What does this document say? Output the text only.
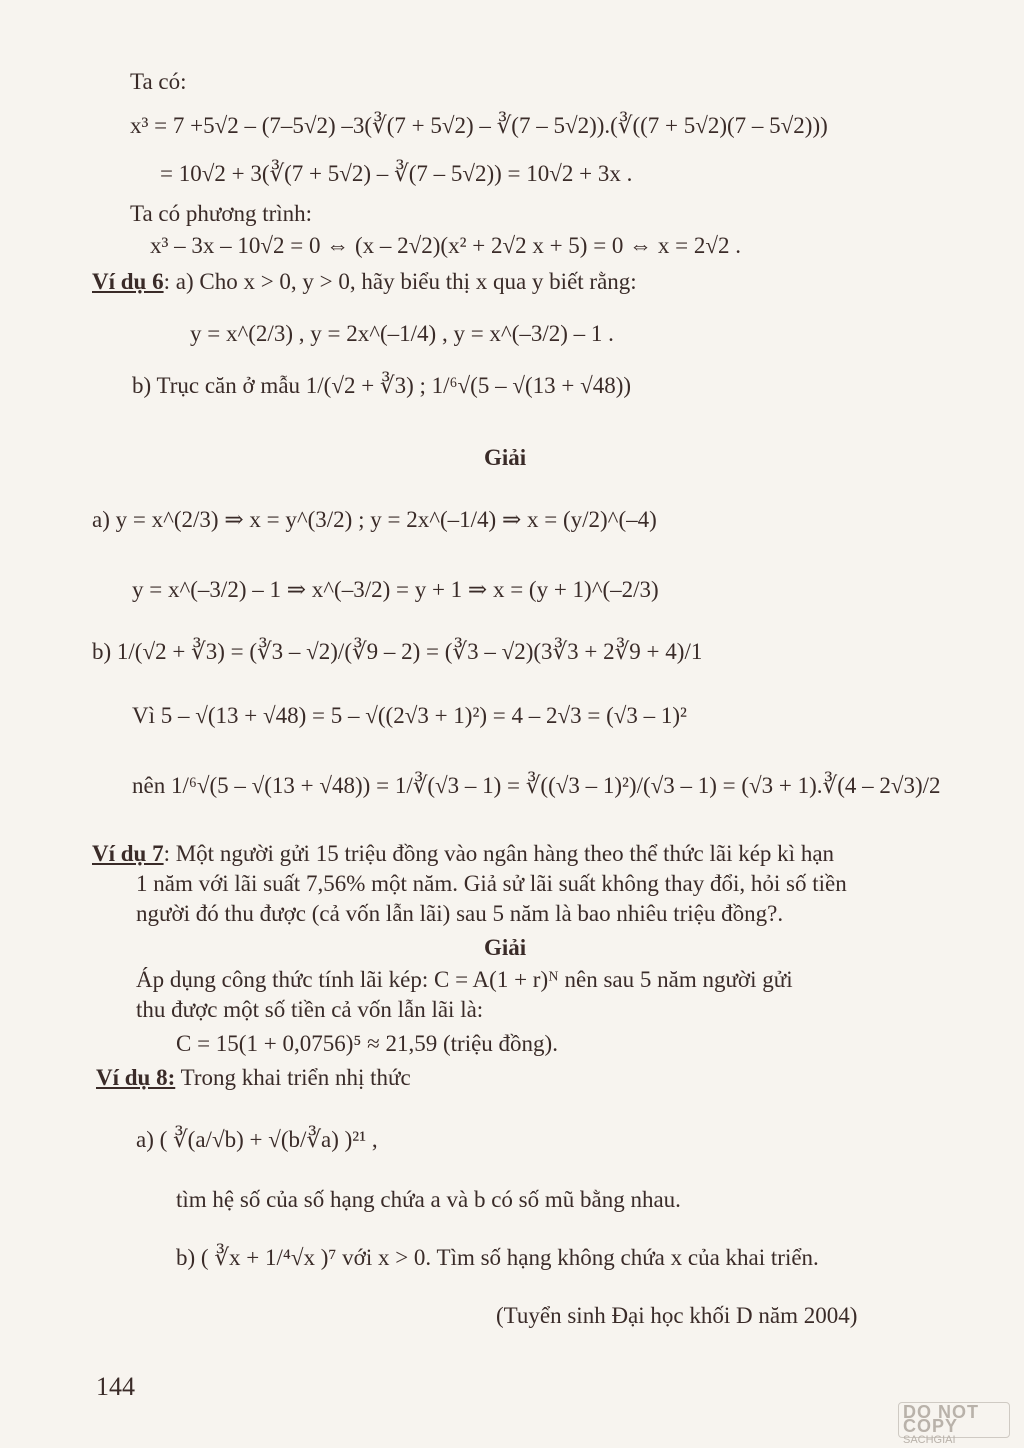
Ta có:
x³ = 7 +5√2 – (7–5√2) –3(∛(7 + 5√2) – ∛(7 – 5√2)).(∛((7 + 5√2)(7 – 5√2)))
= 10√2 + 3(∛(7 + 5√2) – ∛(7 – 5√2)) = 10√2 + 3x .
Ta có phương trình:
x³ – 3x – 10√2 = 0 ⇔ (x – 2√2)(x² + 2√2 x + 5) = 0 ⇔ x = 2√2 .
Ví dụ 6: a) Cho x > 0, y > 0, hãy biểu thị x qua y biết rằng:
y = x^(2/3) , y = 2x^(–1/4) , y = x^(–3/2) – 1 .
b) Trục căn ở mẫu 1/(√2 + ∛3) ; 1/⁶√(5 – √(13 + √48))
Giải
a) y = x^(2/3) ⇒ x = y^(3/2) ; y = 2x^(–1/4) ⇒ x = (y/2)^(–4)
y = x^(–3/2) – 1 ⇒ x^(–3/2) = y + 1 ⇒ x = (y + 1)^(–2/3)
b) 1/(√2 + ∛3) = (∛3 – √2)/(∛9 – 2) = (∛3 – √2)(3∛3 + 2∛9 + 4)/1
Vì 5 – √(13 + √48) = 5 – √((2√3 + 1)²) = 4 – 2√3 = (√3 – 1)²
nên 1/⁶√(5 – √(13 + √48)) = 1/∛(√3 – 1) = ∛((√3 – 1)²)/(√3 – 1) = (√3 + 1).∛(4 – 2√3)/2
Ví dụ 7: Một người gửi 15 triệu đồng vào ngân hàng theo thể thức lãi kép kì hạn
1 năm với lãi suất 7,56% một năm. Giả sử lãi suất không thay đổi, hỏi số tiền
người đó thu được (cả vốn lẫn lãi) sau 5 năm là bao nhiêu triệu đồng?.
Giải
Áp dụng công thức tính lãi kép: C = A(1 + r)ᴺ nên sau 5 năm người gửi
thu được một số tiền cả vốn lẫn lãi là:
C = 15(1 + 0,0756)⁵ ≈ 21,59 (triệu đồng).
Ví dụ 8: Trong khai triển nhị thức
a) ( ∛(a/√b) + √(b/∛a) )²¹ ,
tìm hệ số của số hạng chứa a và b có số mũ bằng nhau.
b) ( ∛x + 1/⁴√x )⁷ với x > 0. Tìm số hạng không chứa x của khai triển.
(Tuyển sinh Đại học khối D năm 2004)
144
DO NOT COPY
SACHGIAI
